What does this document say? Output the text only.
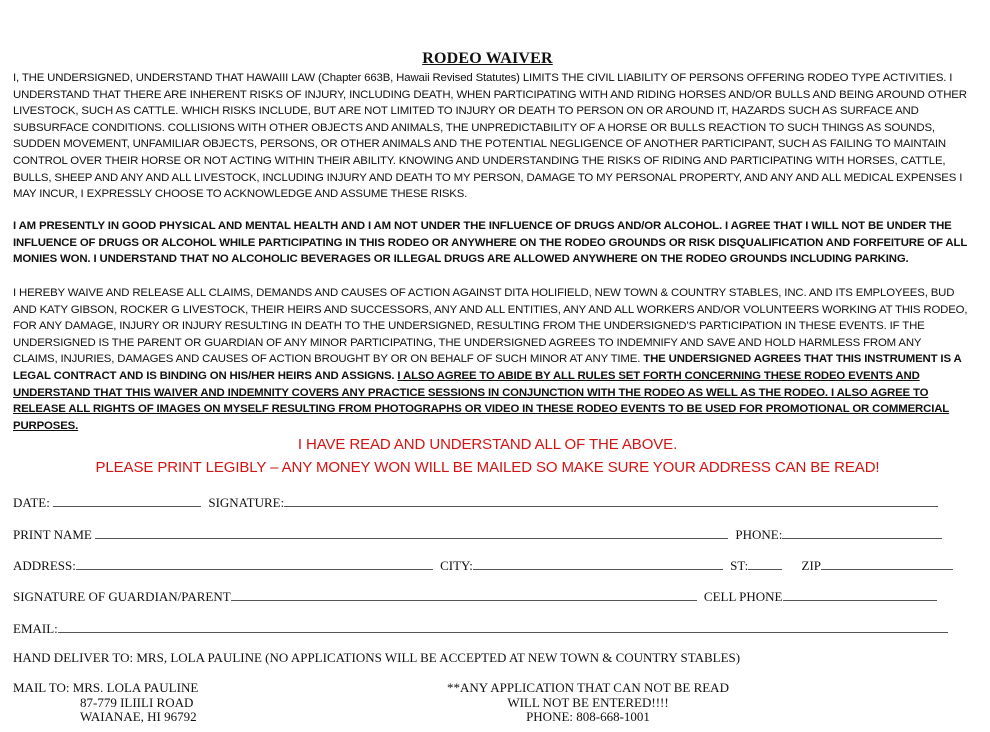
RODEO WAIVER

I, THE UNDERSIGNED, UNDERSTAND THAT HAWAIII LAW (Chapter 663B, Hawaii Revised Statutes) LIMITS THE CIVIL LIABILITY OF PERSONS OFFERING RODEO TYPE ACTIVITIES. I UNDERSTAND THAT THERE ARE INHERENT RISKS OF INJURY, INCLUDING DEATH, WHEN PARTICIPATING WITH AND RIDING HORSES AND/OR BULLS AND BEING AROUND OTHER LIVESTOCK, SUCH AS CATTLE. WHICH RISKS INCLUDE, BUT ARE NOT LIMITED TO INJURY OR DEATH TO PERSON ON OR AROUND IT, HAZARDS SUCH AS SURFACE AND SUBSURFACE CONDITIONS. COLLISIONS WITH OTHER OBJECTS AND ANIMALS, THE UNPREDICTABILITY OF A HORSE OR BULLS REACTION TO SUCH THINGS AS SOUNDS, SUDDEN MOVEMENT, UNFAMILIAR OBJECTS, PERSONS, OR OTHER ANIMALS AND THE POTENTIAL NEGLIGENCE OF ANOTHER PARTICIPANT, SUCH AS FAILING TO MAINTAIN CONTROL OVER THEIR HORSE OR NOT ACTING WITHIN THEIR ABILITY. KNOWING AND UNDERSTANDING THE RISKS OF RIDING AND PARTICIPATING WITH HORSES, CATTLE, BULLS, SHEEP AND ANY AND ALL LIVESTOCK, INCLUDING INJURY AND DEATH TO MY PERSON, DAMAGE TO MY PERSONAL PROPERTY, AND ANY AND ALL MEDICAL EXPENSES I MAY INCUR, I EXPRESSLY CHOOSE TO ACKNOWLEDGE AND ASSUME THESE RISKS.

I AM PRESENTLY IN GOOD PHYSICAL AND MENTAL HEALTH AND I AM NOT UNDER THE INFLUENCE OF DRUGS AND/OR ALCOHOL. I AGREE THAT I WILL NOT BE UNDER THE INFLUENCE OF DRUGS OR ALCOHOL WHILE PARTICIPATING IN THIS RODEO OR ANYWHERE ON THE RODEO GROUNDS OR RISK DISQUALIFICATION AND FORFEITURE OF ALL MONIES WON. I UNDERSTAND THAT NO ALCOHOLIC BEVERAGES OR ILLEGAL DRUGS ARE ALLOWED ANYWHERE ON THE RODEO GROUNDS INCLUDING PARKING.

I HEREBY WAIVE AND RELEASE ALL CLAIMS, DEMANDS AND CAUSES OF ACTION AGAINST DITA HOLIFIELD, NEW TOWN & COUNTRY STABLES, INC. AND ITS EMPLOYEES, BUD AND KATY GIBSON, ROCKER G LIVESTOCK, THEIR HEIRS AND SUCCESSORS, ANY AND ALL ENTITIES, ANY AND ALL WORKERS AND/OR VOLUNTEERS WORKING AT THIS RODEO, FOR ANY DAMAGE, INJURY OR INJURY RESULTING IN DEATH TO THE UNDERSIGNED, RESULTING FROM THE UNDERSIGNED’S PARTICIPATION IN THESE EVENTS. IF THE UNDERSIGNED IS THE PARENT OR GUARDIAN OF ANY MINOR PARTICIPATING, THE UNDERSIGNED AGREES TO INDEMNIFY AND SAVE AND HOLD HARMLESS FROM ANY CLAIMS, INJURIES, DAMAGES AND CAUSES OF ACTION BROUGHT BY OR ON BEHALF OF SUCH MINOR AT ANY TIME. THE UNDERSIGNED AGREES THAT THIS INSTRUMENT IS A LEGAL CONTRACT AND IS BINDING ON HIS/HER HEIRS AND ASSIGNS. I ALSO AGREE TO ABIDE BY ALL RULES SET FORTH CONCERNING THESE RODEO EVENTS AND UNDERSTAND THAT THIS WAIVER AND INDEMNITY COVERS ANY PRACTICE SESSIONS IN CONJUNCTION WITH THE RODEO AS WELL AS THE RODEO. I ALSO AGREE TO RELEASE ALL RIGHTS OF IMAGES ON MYSELF RESULTING FROM PHOTOGRAPHS OR VIDEO IN THESE RODEO EVENTS TO BE USED FOR PROMOTIONAL OR COMMERCIAL PURPOSES.

I HAVE READ AND UNDERSTAND ALL OF THE ABOVE.
PLEASE PRINT LEGIBLY – ANY MONEY WON WILL BE MAILED SO MAKE SURE YOUR ADDRESS CAN BE READ!
DATE:	SIGNATURE:
PRINT NAME	PHONE:
ADDRESS:	CITY:	ST:	ZIP
SIGNATURE OF GUARDIAN/PARENT	CELL PHONE
EMAIL:
HAND DELIVER TO: MRS, LOLA PAULINE (NO APPLICATIONS WILL BE ACCEPTED AT NEW TOWN & COUNTRY STABLES)
MAIL TO: MRS. LOLA PAULINE
87-779 ILIILI ROAD
WAIANAE, HI 96792
**ANY APPLICATION THAT CAN NOT BE READ
WILL NOT BE ENTERED!!!!
PHONE: 808-668-1001
